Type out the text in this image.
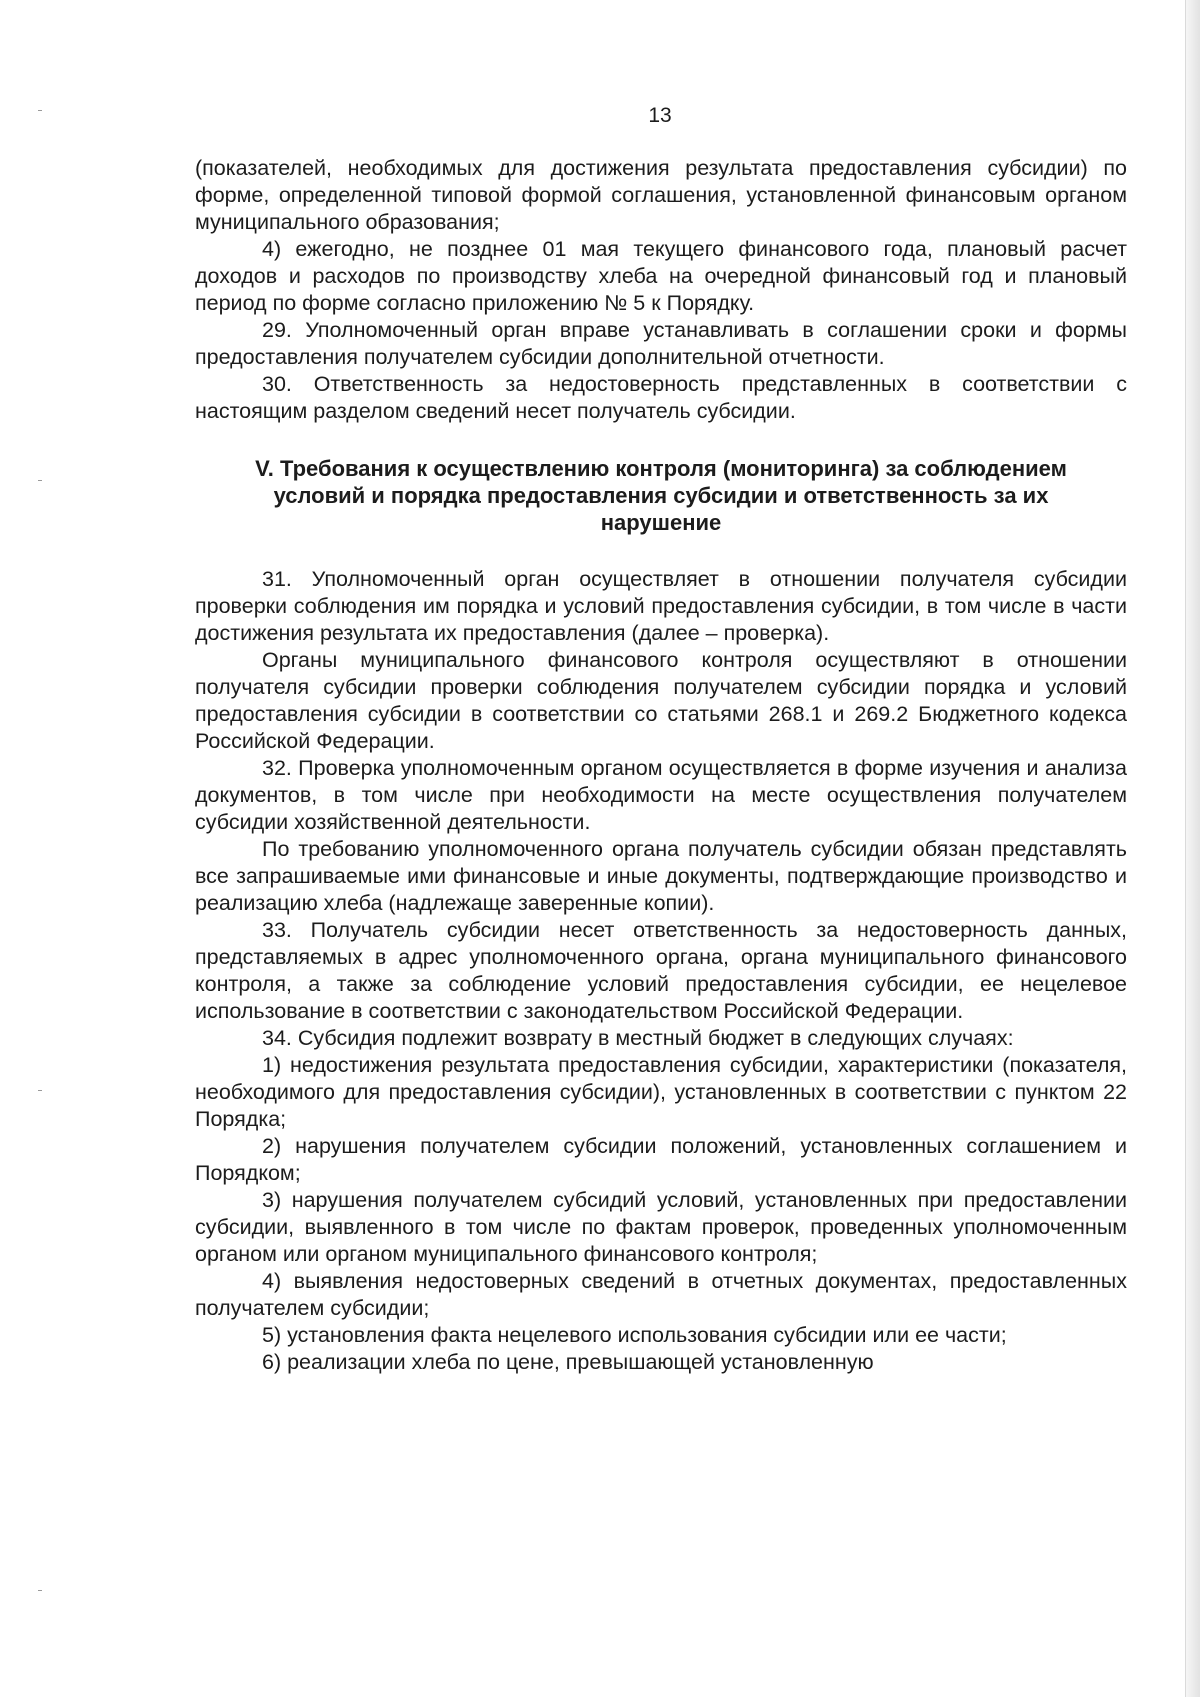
13

(показателей, необходимых для достижения результата предоставления субсидии) по форме, определенной типовой формой соглашения, установленной финансовым органом муниципального образования;

4) ежегодно, не позднее 01 мая текущего финансового года, плановый расчет доходов и расходов по производству хлеба на очередной финансовый год и плановый период по форме согласно приложению № 5 к Порядку.

29. Уполномоченный орган вправе устанавливать в соглашении сроки и формы предоставления получателем субсидии дополнительной отчетности.

30. Ответственность за недостоверность представленных в соответствии с настоящим разделом сведений несет получатель субсидии.

V. Требования к осуществлению контроля (мониторинга) за соблюдением условий и порядка предоставления субсидии и ответственность за их нарушение

31. Уполномоченный орган осуществляет в отношении получателя субсидии проверки соблюдения им порядка и условий предоставления субсидии, в том числе в части достижения результата их предоставления (далее – проверка).

Органы муниципального финансового контроля осуществляют в отношении получателя субсидии проверки соблюдения получателем субсидии порядка и условий предоставления субсидии в соответствии со статьями 268.1 и 269.2 Бюджетного кодекса Российской Федерации.

32. Проверка уполномоченным органом осуществляется в форме изучения и анализа документов, в том числе при необходимости на месте осуществления получателем субсидии хозяйственной деятельности.

По требованию уполномоченного органа получатель субсидии обязан представлять все запрашиваемые ими финансовые и иные документы, подтверждающие производство и реализацию хлеба (надлежаще заверенные копии).

33. Получатель субсидии несет ответственность за недостоверность данных, представляемых в адрес уполномоченного органа, органа муниципального финансового контроля, а также за соблюдение условий предоставления субсидии, ее нецелевое использование в соответствии с законодательством Российской Федерации.

34. Субсидия подлежит возврату в местный бюджет в следующих случаях:

1) недостижения результата предоставления субсидии, характеристики (показателя, необходимого для предоставления субсидии), установленных в соответствии с пунктом 22 Порядка;

2) нарушения получателем субсидии положений, установленных соглашением и Порядком;

3) нарушения получателем субсидий условий, установленных при предоставлении субсидии, выявленного в том числе по фактам проверок, проведенных уполномоченным органом или органом муниципального финансового контроля;

4) выявления недостоверных сведений в отчетных документах, предоставленных получателем субсидии;

5) установления факта нецелевого использования субсидии или ее части;

6) реализации хлеба по цене, превышающей установленную
